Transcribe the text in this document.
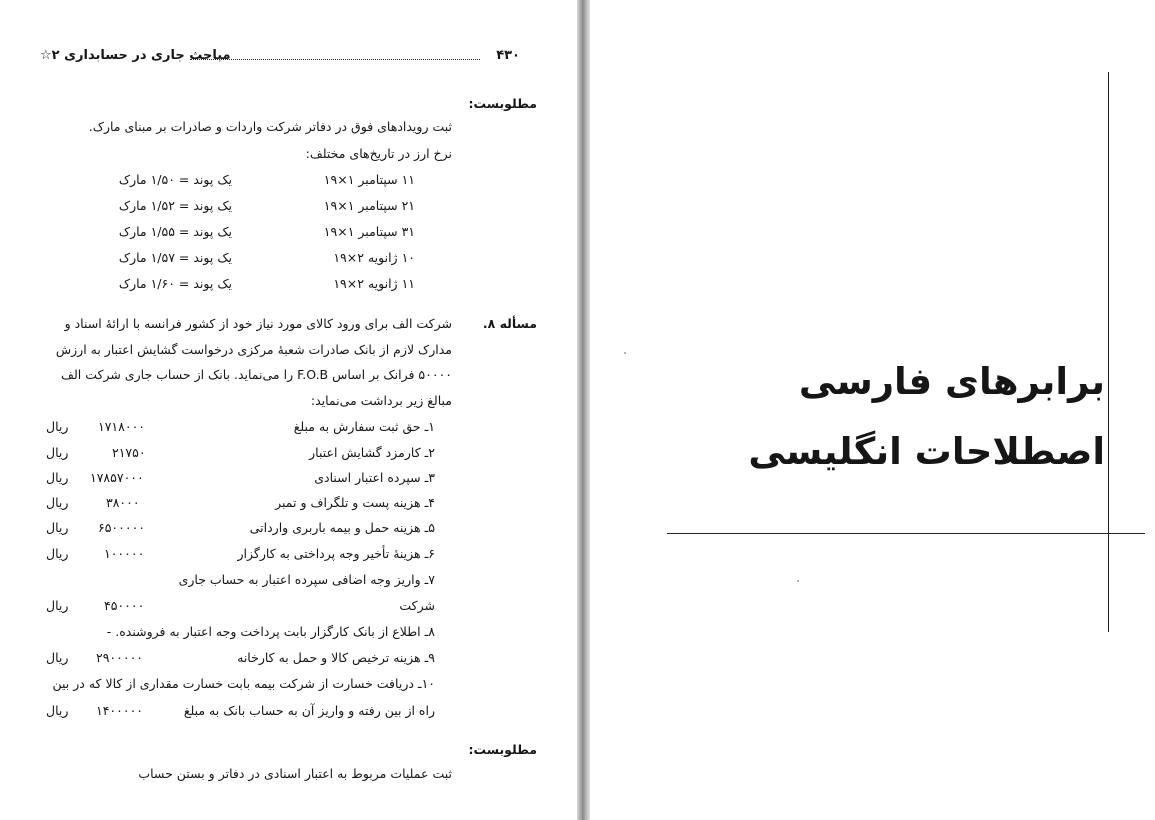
۴۳۰
مباحث جاری در حسابداری ۲☆
مطلوبست:
ثبت رویدادهای فوق در دفاتر شرکت واردات و صادرات بر مبنای مارک.
نرخ ارز در تاریخ‌های مختلف:
۱۱ سپتامبر ۱×۱۹
یک پوند = ۱/۵۰ مارک
۲۱ سپتامبر ۱×۱۹
یک پوند = ۱/۵۲ مارک
۳۱ سپتامبر ۱×۱۹
یک پوند = ۱/۵۵ مارک
۱۰ ژانویه ۲×۱۹
یک پوند = ۱/۵۷ مارک
۱۱ ژانویه ۲×۱۹
یک پوند = ۱/۶۰ مارک
مسأله ۸.
شرکت الف برای ورود کالای مورد نیاز خود از کشور فرانسه با ارائهٔ اسناد و
مدارک لازم از بانک صادرات شعبهٔ مرکزی درخواست گشایش اعتبار به ارزش
۵۰۰۰۰ فرانک بر اساس F.O.B را می‌نماید. بانک از حساب جاری شرکت الف
مبالغ زیر برداشت می‌نماید:
۱ـ حق ثبت سفارش به مبلغ
۱۷۱۸۰۰۰
ریال
۲ـ کارمزد گشایش اعتبار
۲۱۷۵۰
ریال
۳ـ سپرده اعتبار اسنادی
۱۷۸۵۷۰۰۰
ریال
۴ـ هزینه پست و تلگراف و تمبر
۳۸۰۰۰
ریال
۵ـ هزینه حمل و بیمه باربری وارداتی
۶۵۰۰۰۰۰
ریال
۶ـ هزینهٔ تأخیر وجه پرداختی به کارگزار
۱۰۰۰۰۰
ریال
۷ـ واریز وجه اضافی سپرده اعتبار به حساب جاری
شرکت
۴۵۰۰۰۰
ریال
۸ـ اطلاع از بانک کارگزار بابت پرداخت وجه اعتبار به فروشنده. -
۹ـ هزینه ترخیص کالا و حمل به کارخانه
۲۹۰۰۰۰۰
ریال
۱۰ـ دریافت خسارت از شرکت بیمه بابت خسارت مقداری از کالا که در بین
راه از بین رفته و واریز آن به حساب بانک به مبلغ
۱۴۰۰۰۰۰
ریال
مطلوبست:
ثبت عملیات مربوط به اعتبار اسنادی در دفاتر و بستن حساب
برابرهای فارسی
اصطلاحات انگلیسی
